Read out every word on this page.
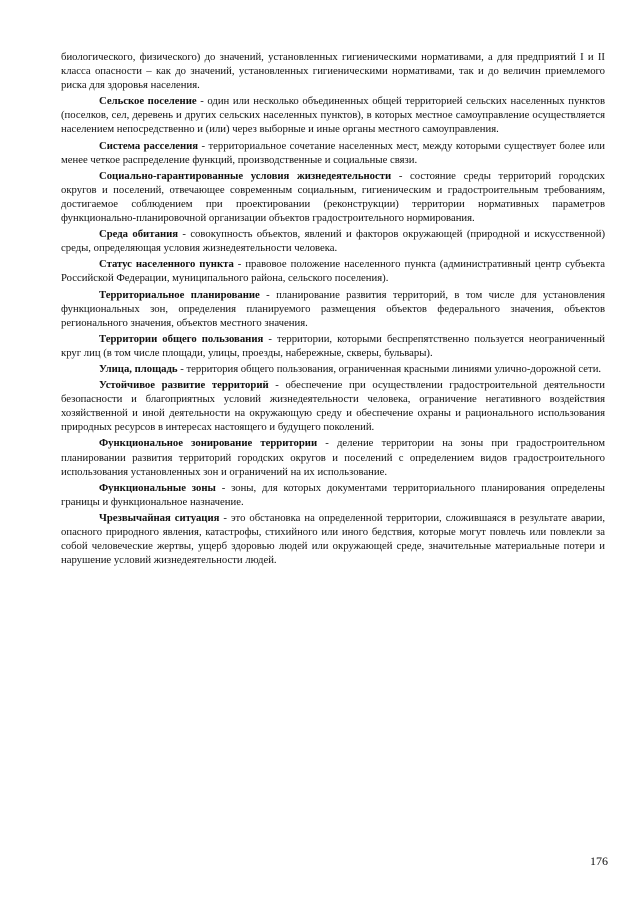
биологического, физического) до значений, установленных гигиеническими нормативами, а для предприятий I и II класса опасности – как до значений, установленных гигиеническими нормативами, так и до величин приемлемого риска для здоровья населения.

Сельское поселение - один или несколько объединенных общей территорией сельских населенных пунктов (поселков, сел, деревень и других сельских населенных пунктов), в которых местное самоуправление осуществляется населением непосредственно и (или) через выборные и иные органы местного самоуправления.

Система расселения - территориальное сочетание населенных мест, между которыми существует более или менее четкое распределение функций, производственные и социальные связи.

Социально-гарантированные условия жизнедеятельности - состояние среды территорий городских округов и поселений, отвечающее современным социальным, гигиеническим и градостроительным требованиям, достигаемое соблюдением при проектировании (реконструкции) территории нормативных параметров функционально-планировочной организации объектов градостроительного нормирования.

Среда обитания - совокупность объектов, явлений и факторов окружающей (природной и искусственной) среды, определяющая условия жизнедеятельности человека.

Статус населенного пункта - правовое положение населенного пункта (административный центр субъекта Российской Федерации, муниципального района, сельского поселения).

Территориальное планирование - планирование развития территорий, в том числе для установления функциональных зон, определения планируемого размещения объектов федерального значения, объектов регионального значения, объектов местного значения.

Территории общего пользования - территории, которыми беспрепятственно пользуется неограниченный круг лиц (в том числе площади, улицы, проезды, набережные, скверы, бульвары).

Улица, площадь - территория общего пользования, ограниченная красными линиями улично-дорожной сети.

Устойчивое развитие территорий - обеспечение при осуществлении градостроительной деятельности безопасности и благоприятных условий жизнедеятельности человека, ограничение негативного воздействия хозяйственной и иной деятельности на окружающую среду и обеспечение охраны и рационального использования природных ресурсов в интересах настоящего и будущего поколений.

Функциональное зонирование территории - деление территории на зоны при градостроительном планировании развития территорий городских округов и поселений с определением видов градостроительного использования установленных зон и ограничений на их использование.

Функциональные зоны - зоны, для которых документами территориального планирования определены границы и функциональное назначение.

Чрезвычайная ситуация - это обстановка на определенной территории, сложившаяся в результате аварии, опасного природного явления, катастрофы, стихийного или иного бедствия, которые могут повлечь или повлекли за собой человеческие жертвы, ущерб здоровью людей или окружающей среде, значительные материальные потери и нарушение условий жизнедеятельности людей.

176
